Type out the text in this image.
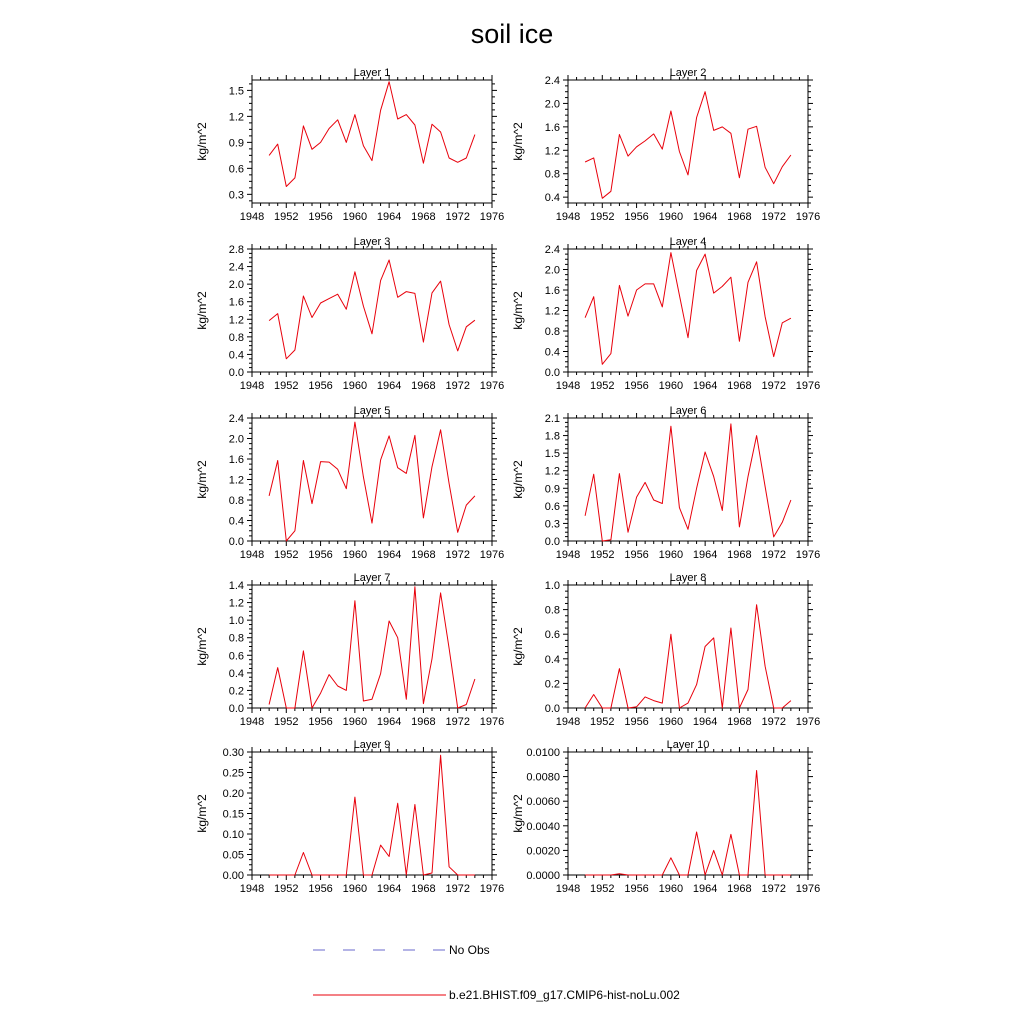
soil ice
Layer 1
1948 1952 1956 1960 1964 1968 1972 1976
0.3
0.6
0.9
1.2
1.5
kg/m^2
Layer 2
1948 1952 1956 1960 1964 1968 1972 1976
0.4
0.8
1.2
1.6
2.0
2.4
kg/m^2
Layer 3
1948 1952 1956 1960 1964 1968 1972 1976
0.0
0.4
0.8
1.2
1.6
2.0
2.4
2.8
kg/m^2
Layer 4
1948 1952 1956 1960 1964 1968 1972 1976
0.0
0.4
0.8
1.2
1.6
2.0
2.4
kg/m^2
Layer 5
1948 1952 1956 1960 1964 1968 1972 1976
0.0
0.4
0.8
1.2
1.6
2.0
2.4
kg/m^2
Layer 6
1948 1952 1956 1960 1964 1968 1972 1976
0.0
0.3
0.6
0.9
1.2
1.5
1.8
2.1
kg/m^2
Layer 7
1948 1952 1956 1960 1964 1968 1972 1976
0.0
0.2
0.4
0.6
0.8
1.0
1.2
1.4
kg/m^2
Layer 8
1948 1952 1956 1960 1964 1968 1972 1976
0.0
0.2
0.4
0.6
0.8
1.0
kg/m^2
Layer 9
1948 1952 1956 1960 1964 1968 1972 1976
0.00
0.05
0.10
0.15
0.20
0.25
0.30
kg/m^2
Layer 10
1948 1952 1956 1960 1964 1968 1972 1976
0.0000
0.0020
0.0040
0.0060
0.0080
0.0100
kg/m^2
No Obs
b.e21.BHIST.f09_g17.CMIP6-hist-noLu.002
